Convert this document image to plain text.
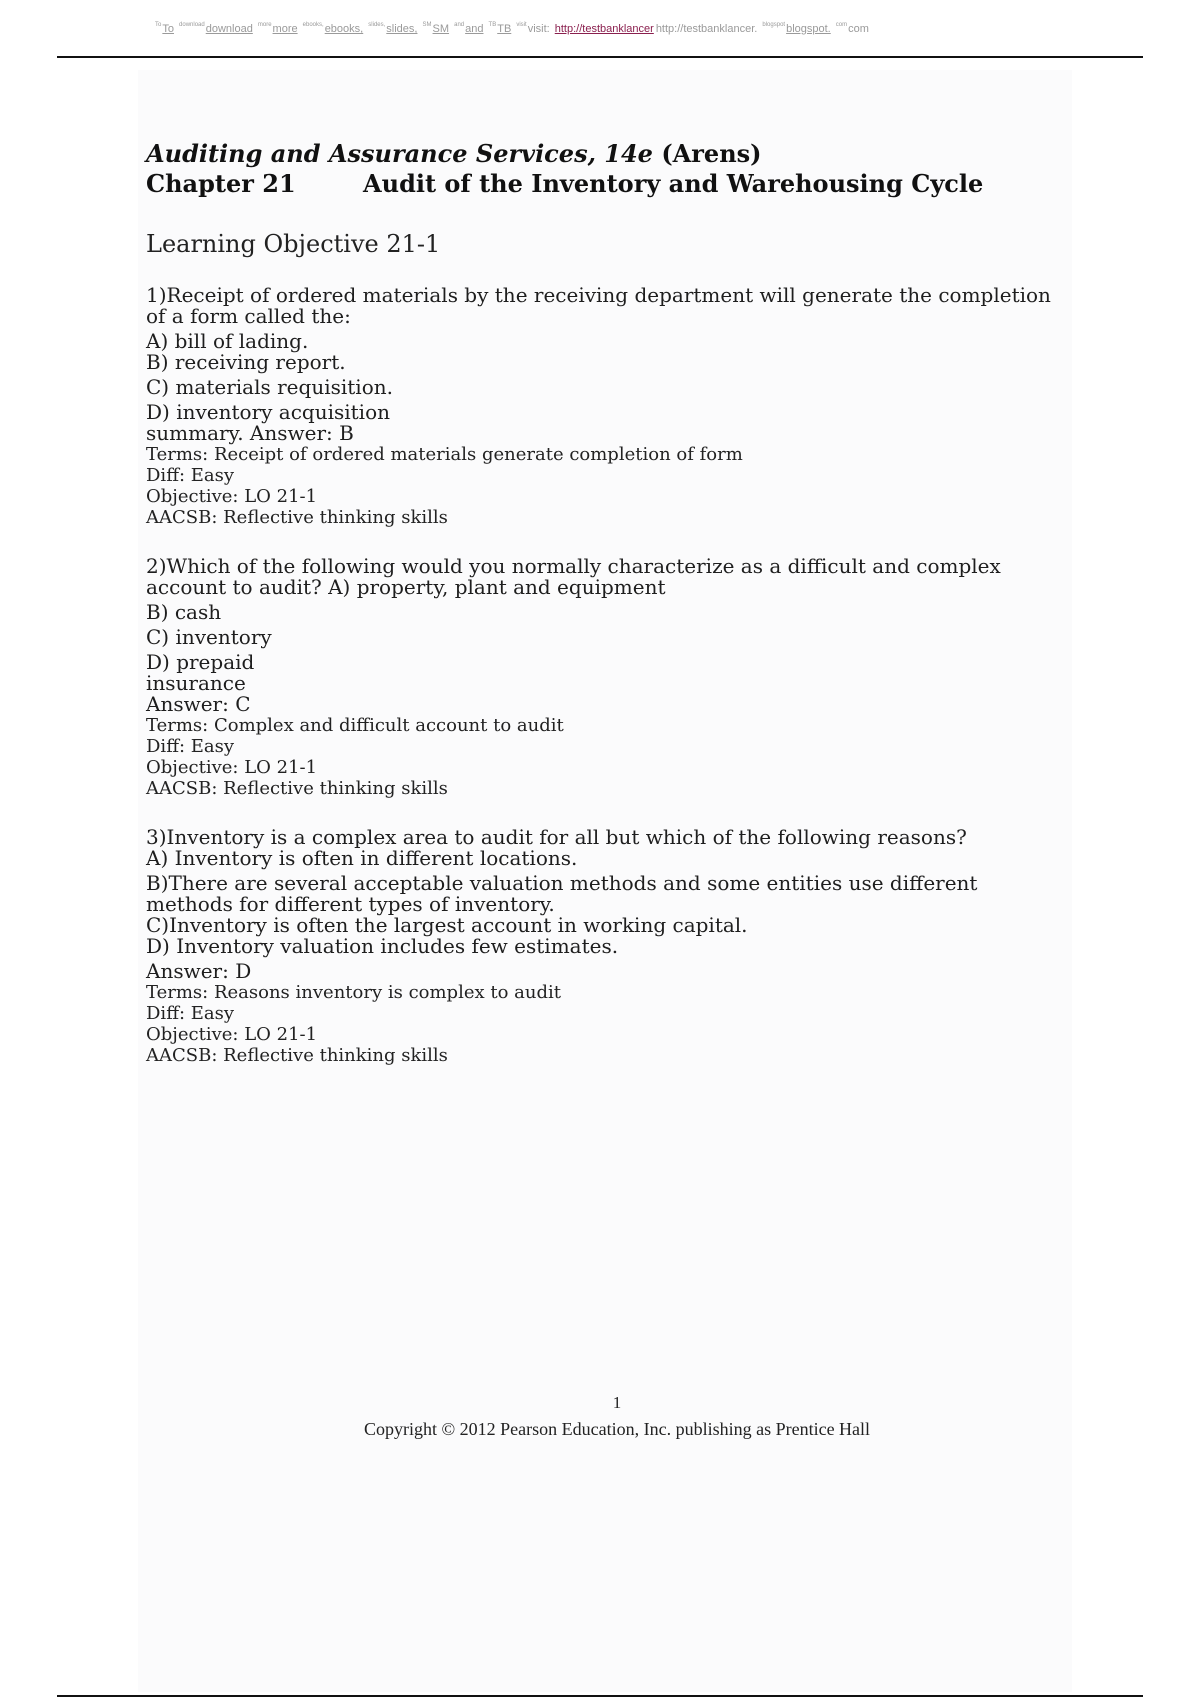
$^{To}$To $^{download}$download $^{more}$more $^{ebooks,}$ebooks, $^{slides,}$slides, ℠SM $^{and}$and $^{TB}$TB $^{visit}$visit: http://testbanklancer http://testbanklancer. $^{blogspot}$blogspot. $^{com}$com
Auditing and Assurance Services, 14e (Arens)
Chapter 21	Audit of the Inventory and Warehousing Cycle
Learning Objective 21-1
1)Receipt of ordered materials by the receiving department will generate the completion of a form called the:
A) bill of lading.
B) receiving report.
C) materials requisition.
D) inventory acquisition summary. Answer: B
Terms: Receipt of ordered materials generate completion of form
Diff: Easy
Objective: LO 21-1
AACSB: Reflective thinking skills
2)Which of the following would you normally characterize as a difficult and complex account to audit? A) property, plant and equipment
B) cash
C) inventory
D) prepaid insurance
Answer: C
Terms: Complex and difficult account to audit
Diff: Easy
Objective: LO 21-1
AACSB: Reflective thinking skills
3)Inventory is a complex area to audit for all but which of the following reasons?
A) Inventory is often in different locations.
B)There are several acceptable valuation methods and some entities use different methods for different types of inventory.
C)Inventory is often the largest account in working capital.
D) Inventory valuation includes few estimates.
Answer: D
Terms: Reasons inventory is complex to audit
Diff: Easy
Objective: LO 21-1
AACSB: Reflective thinking skills
1
Copyright © 2012 Pearson Education, Inc. publishing as Prentice Hall
